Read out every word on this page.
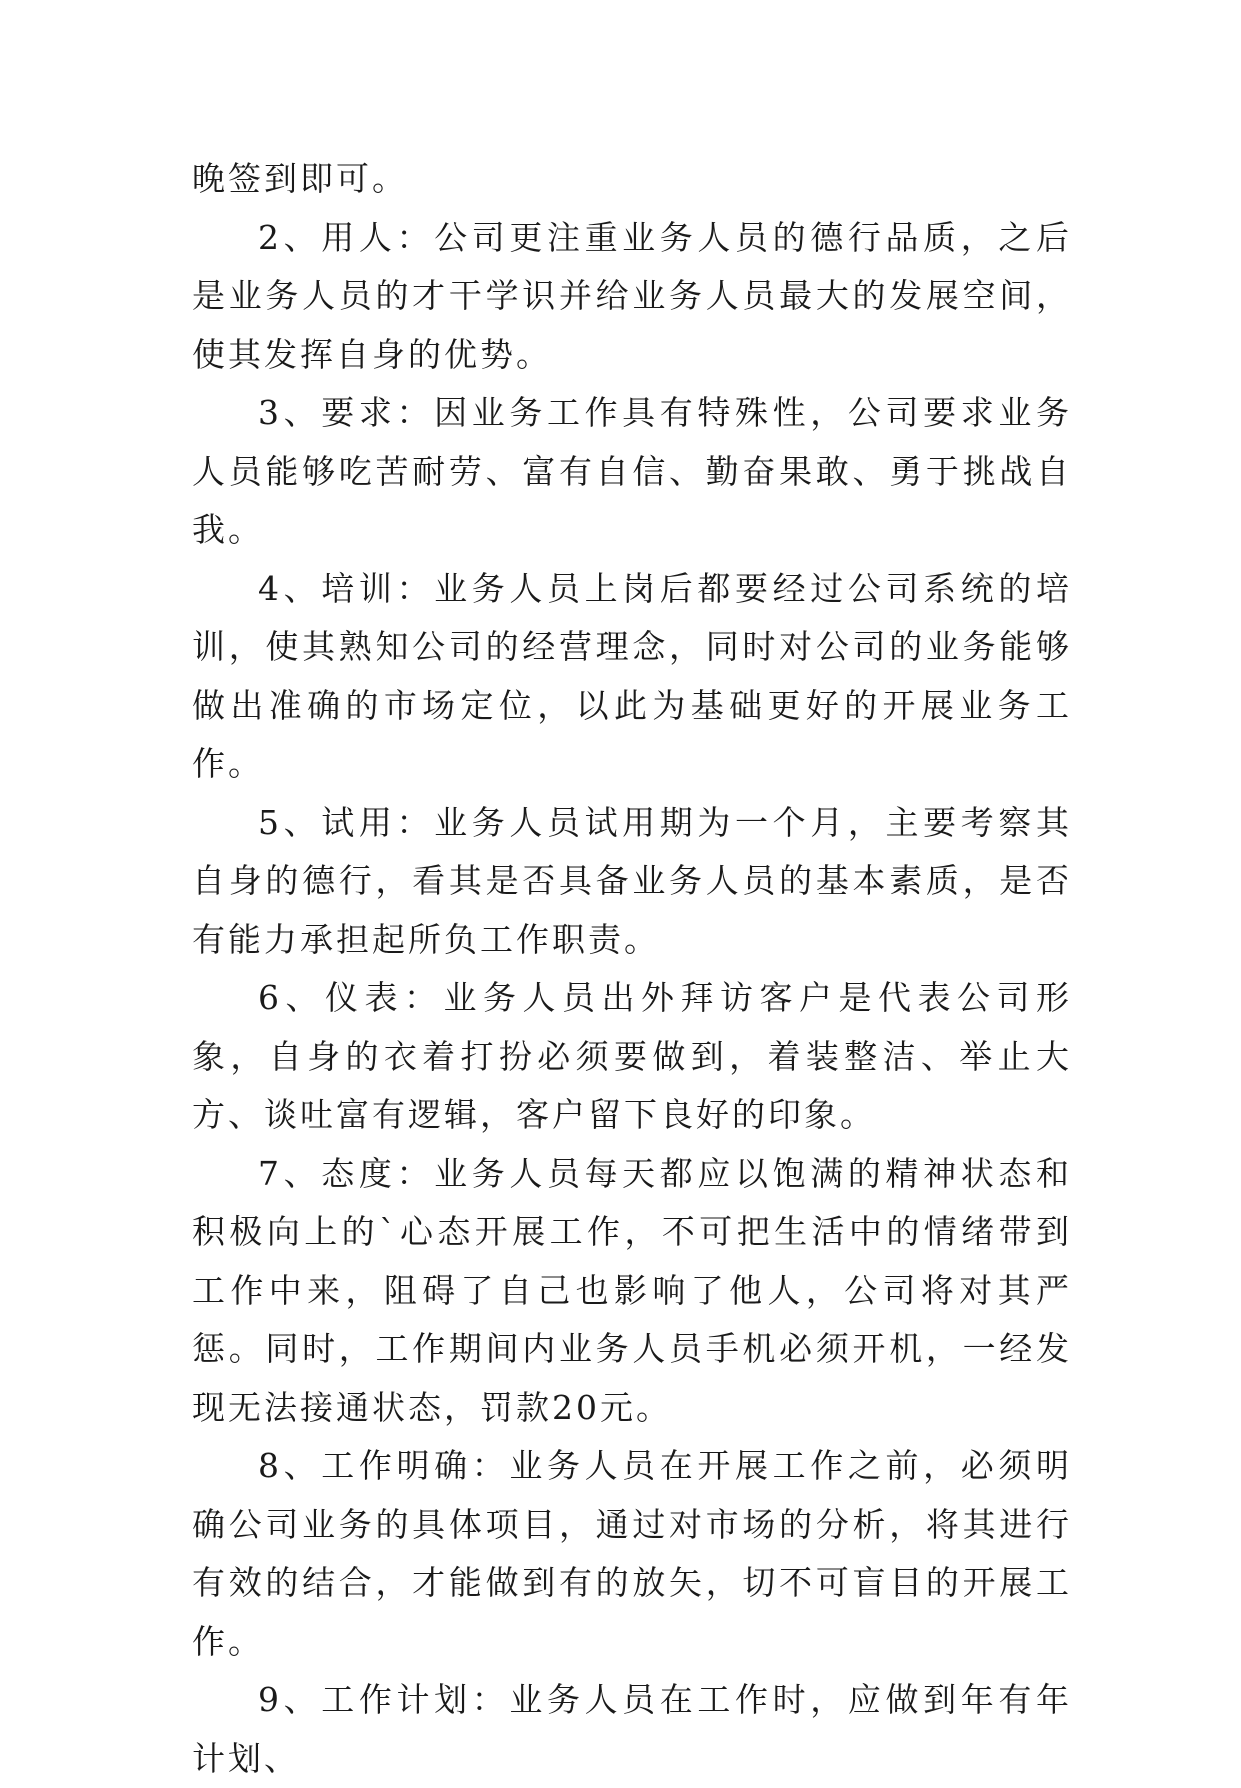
晚签到即可。

2、用人：公司更注重业务人员的德行品质，之后是业务人员的才干学识并给业务人员最大的发展空间，使其发挥自身的优势。

3、要求：因业务工作具有特殊性，公司要求业务人员能够吃苦耐劳、富有自信、勤奋果敢、勇于挑战自我。

4、培训：业务人员上岗后都要经过公司系统的培训，使其熟知公司的经营理念，同时对公司的业务能够做出准确的市场定位，以此为基础更好的开展业务工作。

5、试用：业务人员试用期为一个月，主要考察其自身的德行，看其是否具备业务人员的基本素质，是否有能力承担起所负工作职责。

6、仪表：业务人员出外拜访客户是代表公司形象，自身的衣着打扮必须要做到，着装整洁、举止大方、谈吐富有逻辑，客户留下良好的印象。

7、态度：业务人员每天都应以饱满的精神状态和积极向上的`心态开展工作，不可把生活中的情绪带到工作中来，阻碍了自己也影响了他人，公司将对其严惩。同时，工作期间内业务人员手机必须开机，一经发现无法接通状态，罚款20元。

8、工作明确：业务人员在开展工作之前，必须明确公司业务的具体项目，通过对市场的分析，将其进行有效的结合，才能做到有的放矢，切不可盲目的开展工作。

9、工作计划：业务人员在工作时，应做到年有年计划、
